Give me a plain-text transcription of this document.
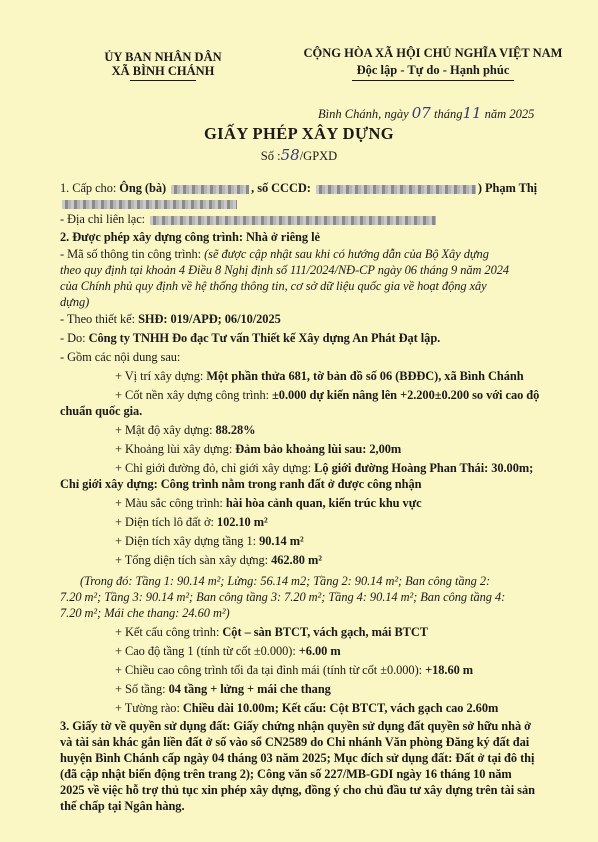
ỦY BAN NHÂN DÂN
XÃ BÌNH CHÁNH
CỘNG HÒA XÃ HỘI CHỦ NGHĨA VIỆT NAM
Độc lập - Tự do - Hạnh phúc
Bình Chánh, ngày 07 tháng11 năm 2025
GIẤY PHÉP XÂY DỰNG
Số :58/GPXD
1. Cấp cho: Ông (bà)	, số CCCD:	) Phạm Thị
- Địa chỉ liên lạc:
2. Được phép xây dựng công trình: Nhà ở riêng lẻ
- Mã số thông tin công trình: (sẽ được cập nhật sau khi có hướng dẫn của Bộ Xây dựng
theo quy định tại khoản 4 Điều 8 Nghị định số 111/2024/NĐ-CP ngày 06 tháng 9 năm 2024
của Chính phủ quy định về hệ thống thông tin, cơ sở dữ liệu quốc gia về hoạt động xây
dựng)
- Theo thiết kế: SHĐ: 019/APĐ; 06/10/2025
- Do: Công ty TNHH Đo đạc Tư vấn Thiết kế Xây dựng An Phát Đạt lập.
- Gồm các nội dung sau:
+ Vị trí xây dựng: Một phần thửa 681, tờ bản đồ số 06 (BĐĐC), xã Bình Chánh
+ Cốt nền xây dựng công trình: ±0.000 dự kiến nâng lên +2.200±0.200 so với cao độ
chuẩn quốc gia.
+ Mật độ xây dựng: 88.28%
+ Khoảng lùi xây dựng: Đảm bảo khoảng lùi sau: 2,00m
+ Chỉ giới đường đỏ, chỉ giới xây dựng: Lộ giới đường Hoàng Phan Thái: 30.00m;
Chỉ giới xây dựng: Công trình nằm trong ranh đất ở được công nhận
+ Màu sắc công trình: hài hòa cảnh quan, kiến trúc khu vực
+ Diện tích lô đất ở: 102.10 m²
+ Diện tích xây dựng tầng 1: 90.14 m²
+ Tổng diện tích sàn xây dựng: 462.80 m²
(Trong đó: Tầng 1: 90.14 m²; Lửng: 56.14 m2; Tầng 2: 90.14 m²; Ban công tầng 2:
7.20 m²; Tầng 3: 90.14 m²; Ban công tầng 3: 7.20 m²; Tầng 4: 90.14 m²; Ban công tầng 4:
7.20 m²; Mái che thang: 24.60 m²)
+ Kết cấu công trình: Cột – sàn BTCT, vách gạch, mái BTCT
+ Cao độ tầng 1 (tính từ cốt ±0.000): +6.00 m
+ Chiều cao công trình tối đa tại đỉnh mái (tính từ cốt ±0.000): +18.60 m
+ Số tầng: 04 tầng + lửng + mái che thang
+ Tường rào: Chiều dài 10.00m; Kết cấu: Cột BTCT, vách gạch cao 2.60m
3. Giấy tờ về quyền sử dụng đất: Giấy chứng nhận quyền sử dụng đất quyền sở hữu nhà ở
và tài sản khác gắn liền đất ở số vào sổ CN2589 do Chi nhánh Văn phòng Đăng ký đất đai
huyện Bình Chánh cấp ngày 04 tháng 03 năm 2025; Mục đích sử dụng đất: Đất ở tại đô thị
(đã cập nhật biến động trên trang 2); Công văn số 227/MB-GDI ngày 16 tháng 10 năm
2025 về việc hỗ trợ thủ tục xin phép xây dựng, đồng ý cho chủ đầu tư xây dựng trên tài sản
thế chấp tại Ngân hàng.
